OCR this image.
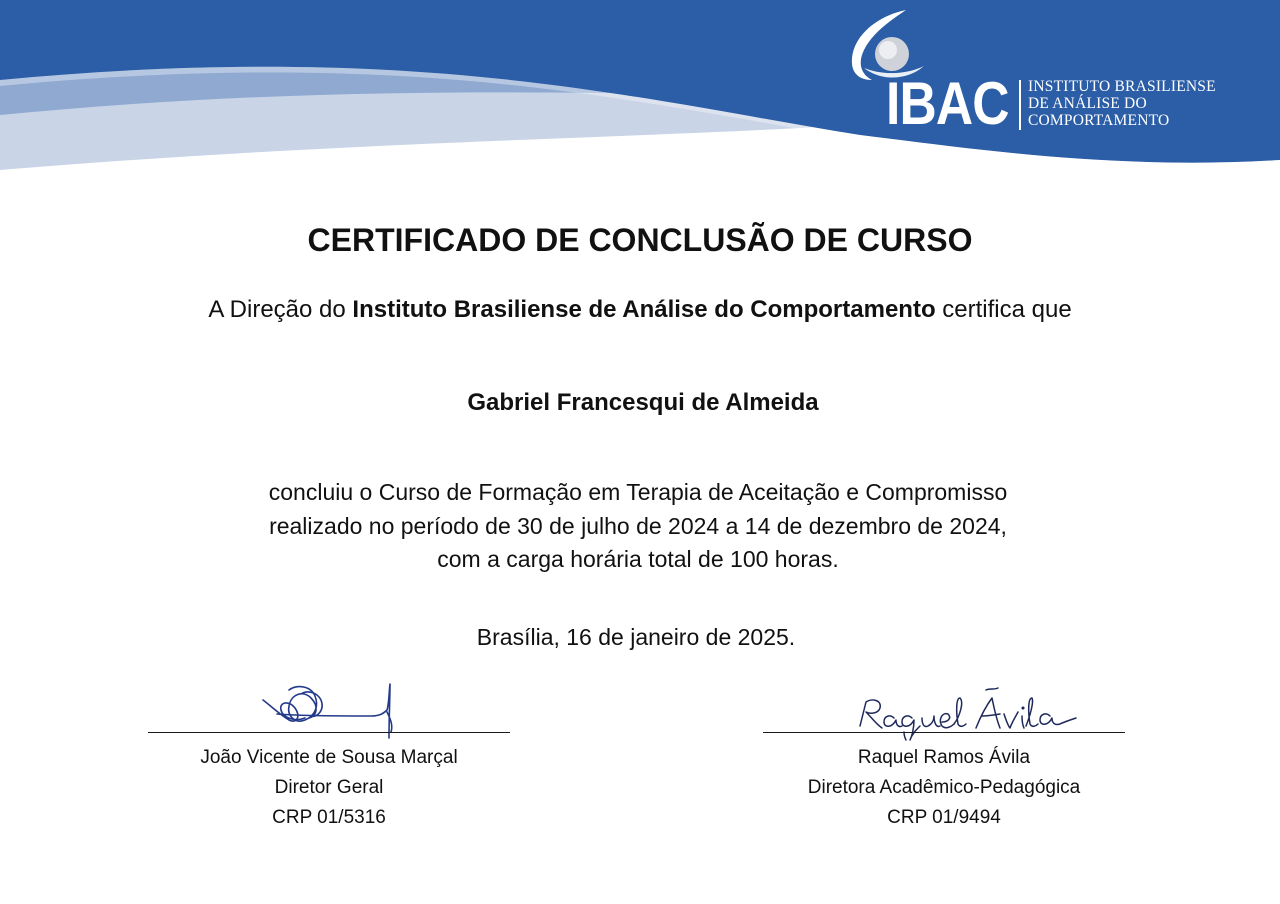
IBAC INSTITUTO BRASILIENSE
DE ANÁLISE DO
COMPORTAMENTO
CERTIFICADO DE CONCLUSÃO DE CURSO
A Direção do Instituto Brasiliense de Análise do Comportamento certifica que
Gabriel Francesqui de Almeida
concluiu o Curso de Formação em Terapia de Aceitação e Compromisso
realizado no período de 30 de julho de 2024 a 14 de dezembro de 2024,
com a carga horária total de 100 horas.
Brasília, 16 de janeiro de 2025.
João Vicente de Sousa Marçal
Diretor Geral
CRP 01/5316
Raquel Ramos Ávila
Diretora Acadêmico-Pedagógica
CRP 01/9494
